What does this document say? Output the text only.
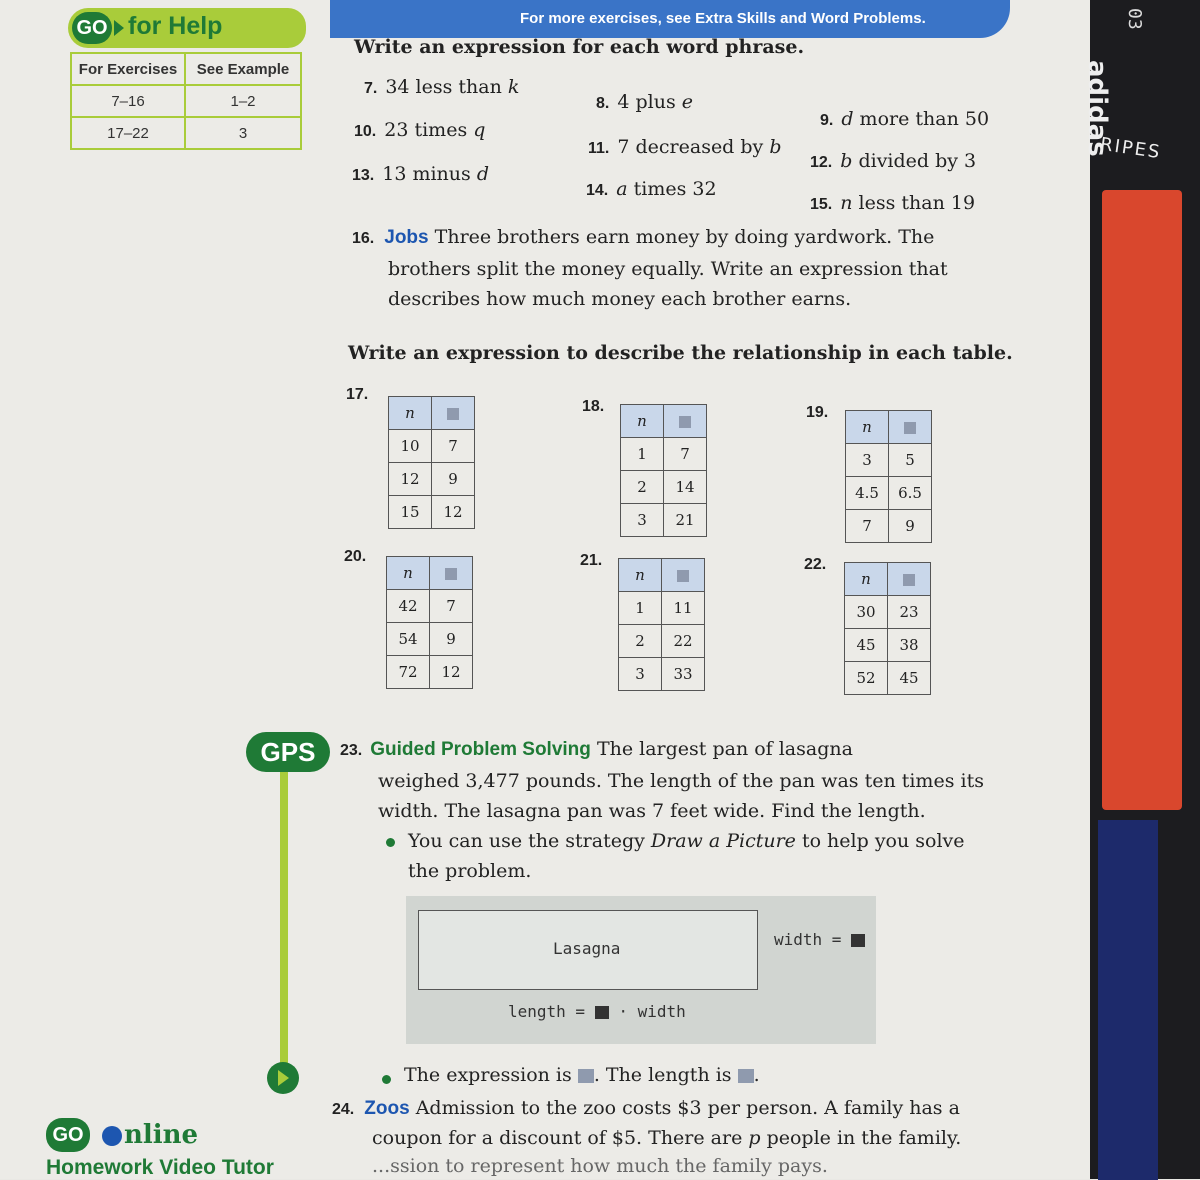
GO for Help
For Exercises	See Example
7–16	1–2
17–22	3
For more exercises, see Extra Skills and Word Problems.
Write an expression for each word phrase.
7. 34 less than k
8. 4 plus e
9. d more than 50
10. 23 times q
11. 7 decreased by b
12. b divided by 3
13. 13 minus d
14. a times 32
15. n less than 19
16. Jobs Three brothers earn money by doing yardwork. The
brothers split the money equally. Write an expression that
describes how much money each brother earns.
Write an expression to describe the relationship in each table.
17.
n	
10	7
12	9
15	12
18.
n	
1	7
2	14
3	21
19.
n	
3	5
4.5	6.5
7	9
20.
n	
42	7
54	9
72	12
21.
n	
1	11
2	22
3	33
22.
n	
30	23
45	38
52	45
GPS	23. Guided Problem Solving The largest pan of lasagna
weighed 3,477 pounds. The length of the pan was ten times its
width. The lasagna pan was 7 feet wide. Find the length.
You can use the strategy Draw a Picture to help you solve
the problem.
Lasagna	width =
length = · width
The expression is . The length is .
24. Zoos Admission to the zoo costs $3 per person. A family has a
coupon for a discount of $5. There are p people in the family.
...ssion to represent how much the family pays.
GO nline
Homework Video Tutor
03
adidas
RIPES
